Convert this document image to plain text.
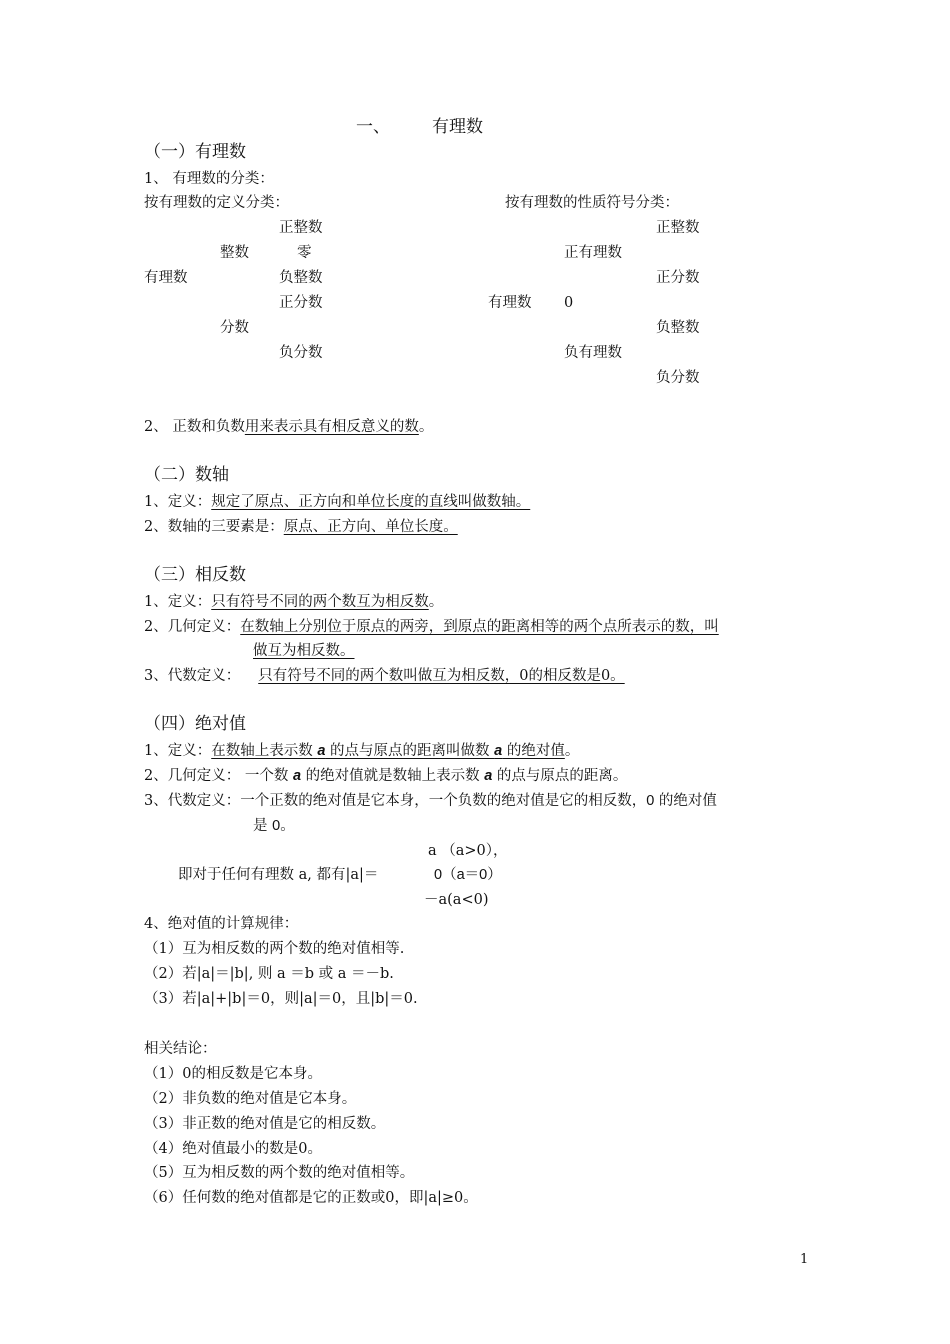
一、 有理数
（一）有理数
1、 有理数的分类：
按有理数的定义分类：	按有理数的性质符号分类：
正整数
整数	零
有理数	负整数
正分数
分数
负分数
正整数
正有理数
正分数
有理数 0
负整数
负有理数
负分数
2、 正数和负数用来表示具有相反意义的数。
（二）数轴
1、定义：规定了原点、正方向和单位长度的直线叫做数轴。
2、数轴的三要素是：原点、正方向、单位长度。
（三）相反数
1、定义：只有符号不同的两个数互为相反数。
2、几何定义：在数轴上分别位于原点的两旁，到原点的距离相等的两个点所表示的数，叫
做互为相反数。
3、代数定义： 只有符号不同的两个数叫做互为相反数，0的相反数是0。
（四）绝对值
1、定义：在数轴上表示数 a 的点与原点的距离叫做数 a 的绝对值。
2、几何定义： 一个数 a 的绝对值就是数轴上表示数 a 的点与原点的距离。
3、代数定义：一个正数的绝对值是它本身，一个负数的绝对值是它的相反数，0 的绝对值
是 0。
a （a>0），
即对于任何有理数 a, 都有|a|＝	0（a＝0）
－a(a<0)
4、绝对值的计算规律：
（1）互为相反数的两个数的绝对值相等.
（2）若|a|＝|b|, 则 a ＝b 或 a ＝－b.
（3）若|a|+|b|＝0，则|a|＝0，且|b|＝0.
相关结论：
（1）0的相反数是它本身。
（2）非负数的绝对值是它本身。
（3）非正数的绝对值是它的相反数。
（4）绝对值最小的数是0。
（5）互为相反数的两个数的绝对值相等。
（6）任何数的绝对值都是它的正数或0，即|a|≥0。
1
